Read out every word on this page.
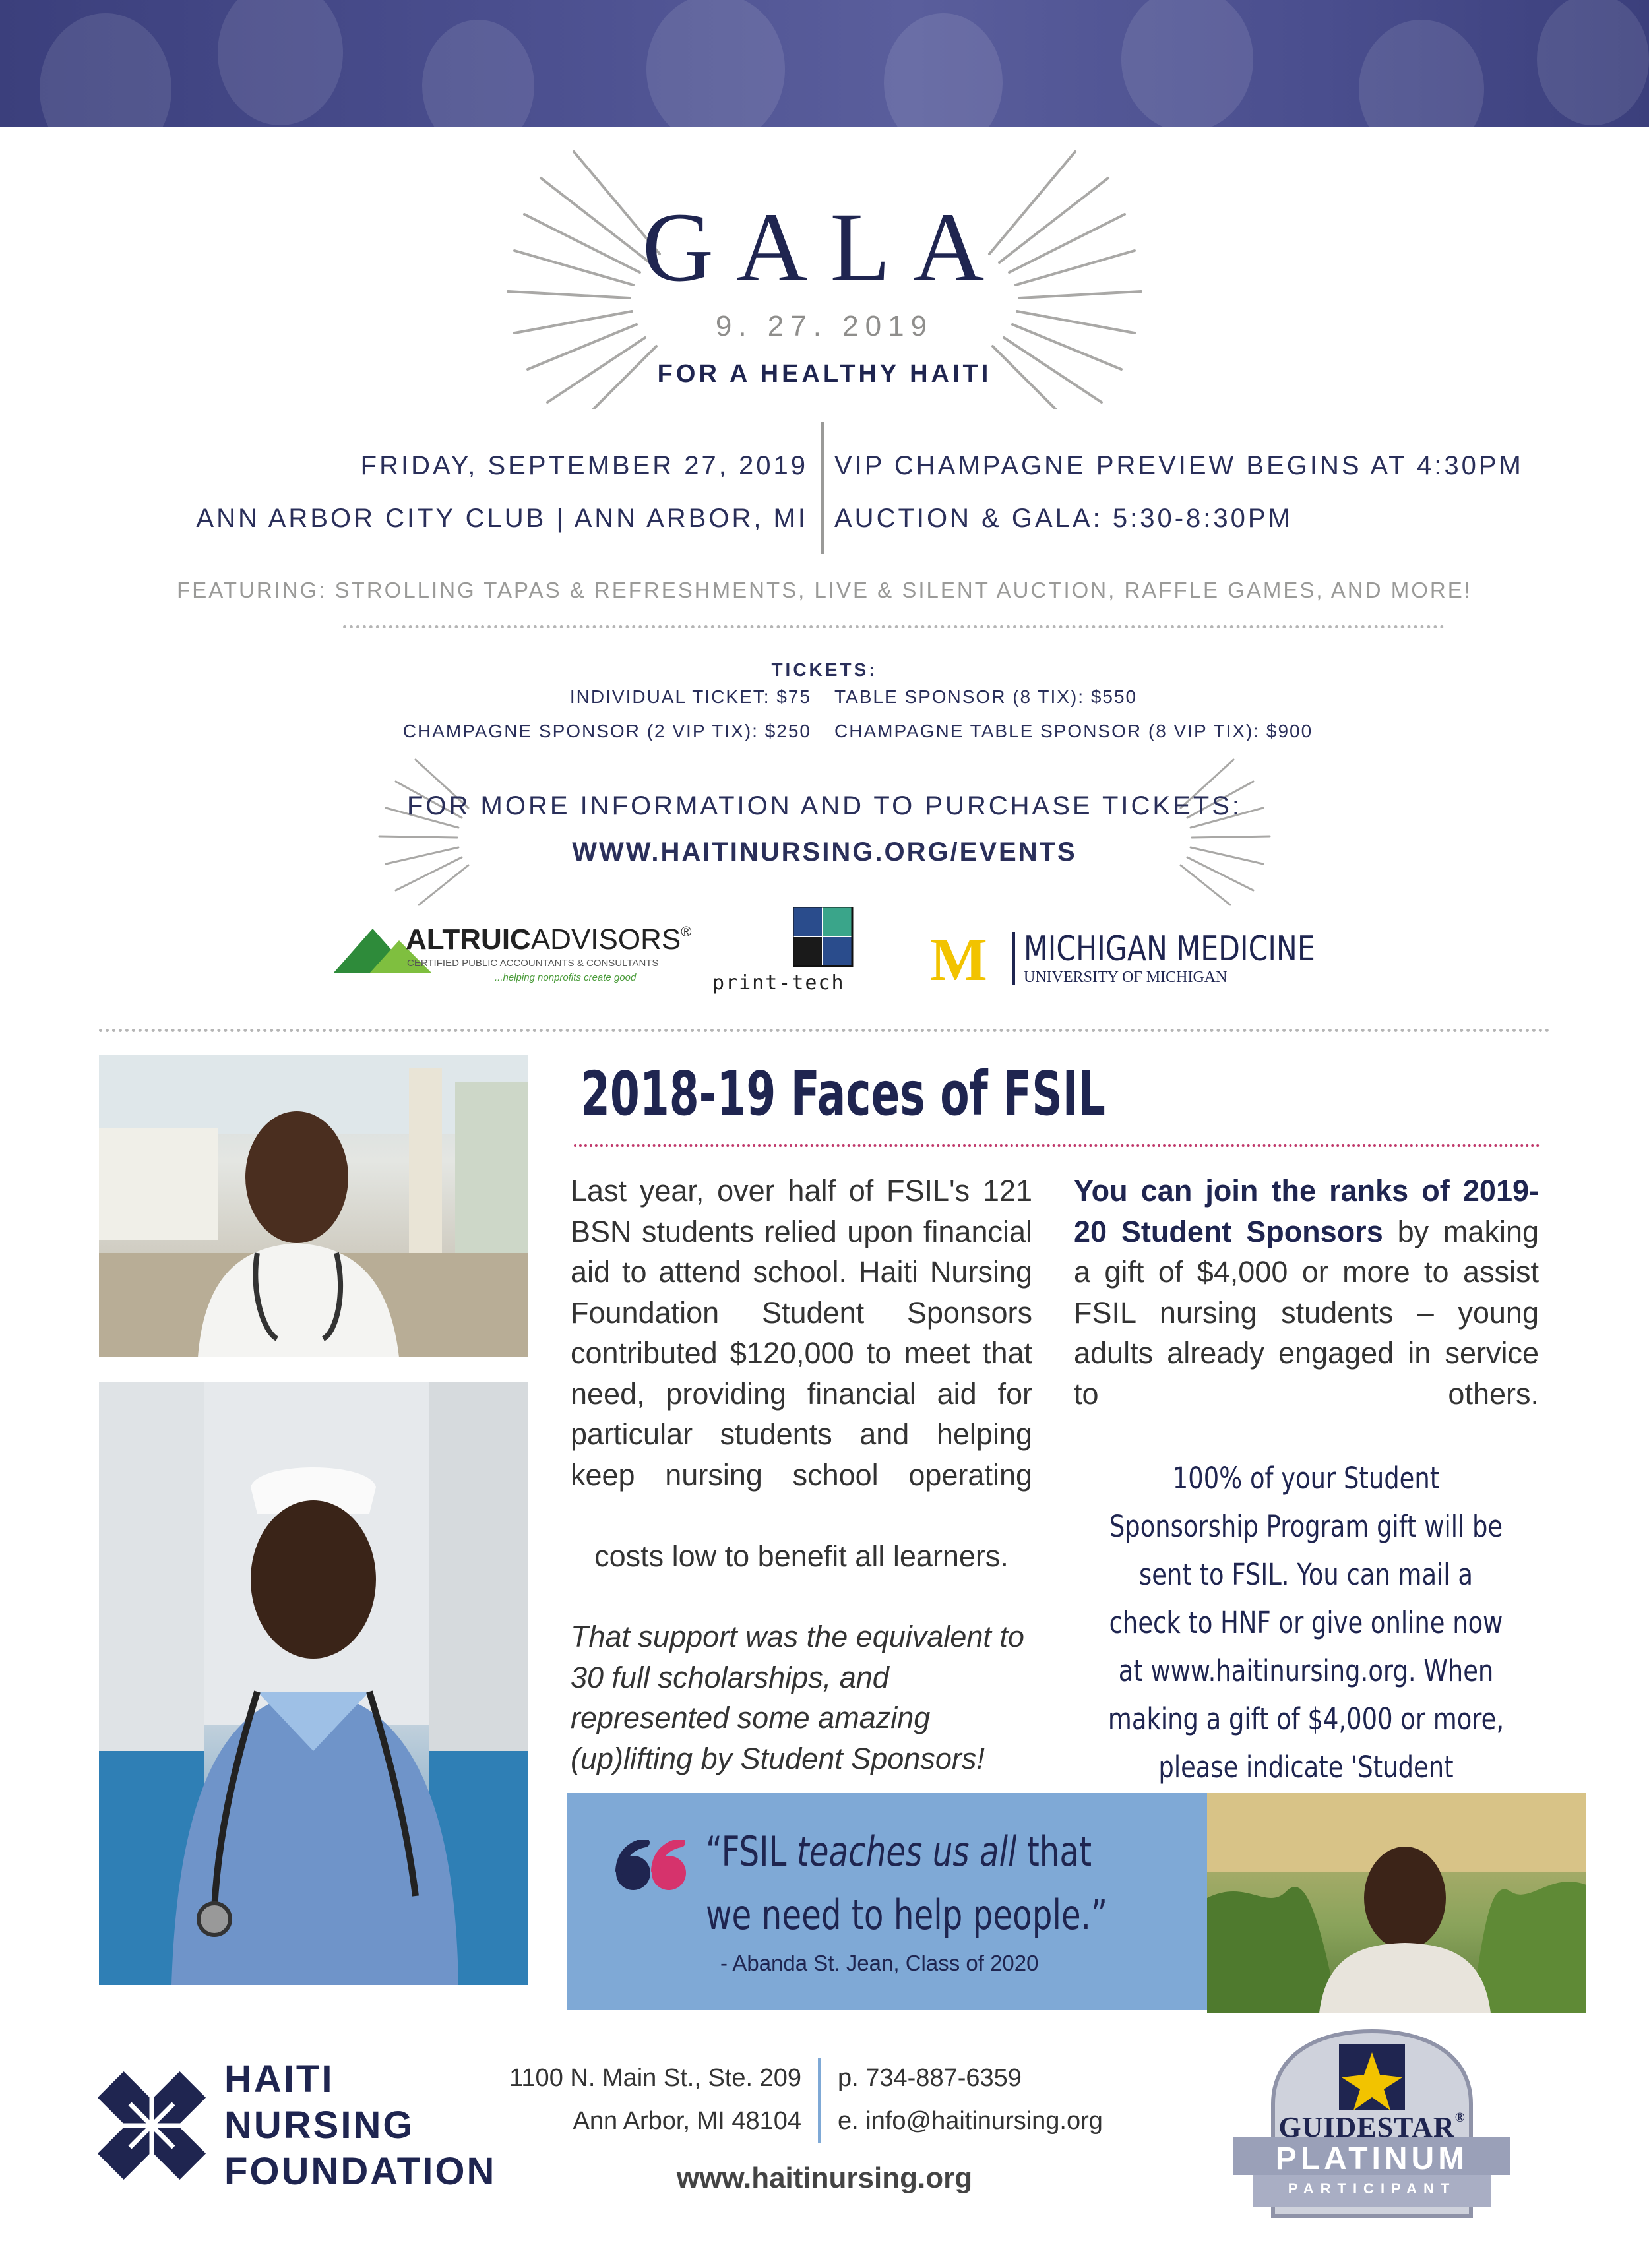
GALA
9. 27. 2019
FOR A HEALTHY HAITI
FRIDAY, SEPTEMBER 27, 2019
ANN ARBOR CITY CLUB | ANN ARBOR, MI
VIP CHAMPAGNE PREVIEW BEGINS AT 4:30PM
AUCTION & GALA: 5:30-8:30PM
FEATURING: STROLLING TAPAS & REFRESHMENTS, LIVE & SILENT AUCTION, RAFFLE GAMES, AND MORE!
TICKETS:
INDIVIDUAL TICKET: $75 TABLE SPONSOR (8 TIX): $550
CHAMPAGNE SPONSOR (2 VIP TIX): $250 CHAMPAGNE TABLE SPONSOR (8 VIP TIX): $900
FOR MORE INFORMATION AND TO PURCHASE TICKETS:
WWW.HAITINURSING.ORG/EVENTS
ALTRUICADVISORS®
CERTIFIED PUBLIC ACCOUNTANTS & CONSULTANTS
...helping nonprofits create good	print-tech M MICHIGAN MEDICINE
UNIVERSITY OF MICHIGAN
2018-19 Faces of FSIL

Last year, over half of FSIL's 121 BSN students relied upon financial aid to attend school. Haiti Nursing Foundation Student Sponsors contributed $120,000 to meet that need, providing financial aid for particular students and helping keep nursing school operating

costs low to benefit all learners.

That support was the equivalent to 30 full scholarships, and represented some amazing (up)lifting by Student Sponsors!

You can join the ranks of 2019-20 Student Sponsors by making a gift of $4,000 or more to assist FSIL nursing students – young adults already engaged in service to others.

100% of your Student Sponsorship Program gift will be sent to FSIL. You can mail a check to HNF or give online now at www.haitinursing.org. When making a gift of $4,000 or more, please indicate 'Student
“FSIL teaches us all that
we need to help people.”
- Abanda St. Jean, Class of 2020
HAITI
NURSING
FOUNDATION
1100 N. Main St., Ste. 209
Ann Arbor, MI 48104
p. 734-887-6359
e. info@haitinursing.org
www.haitinursing.org
GUIDESTAR®
PLATINUM
PARTICIPANT
